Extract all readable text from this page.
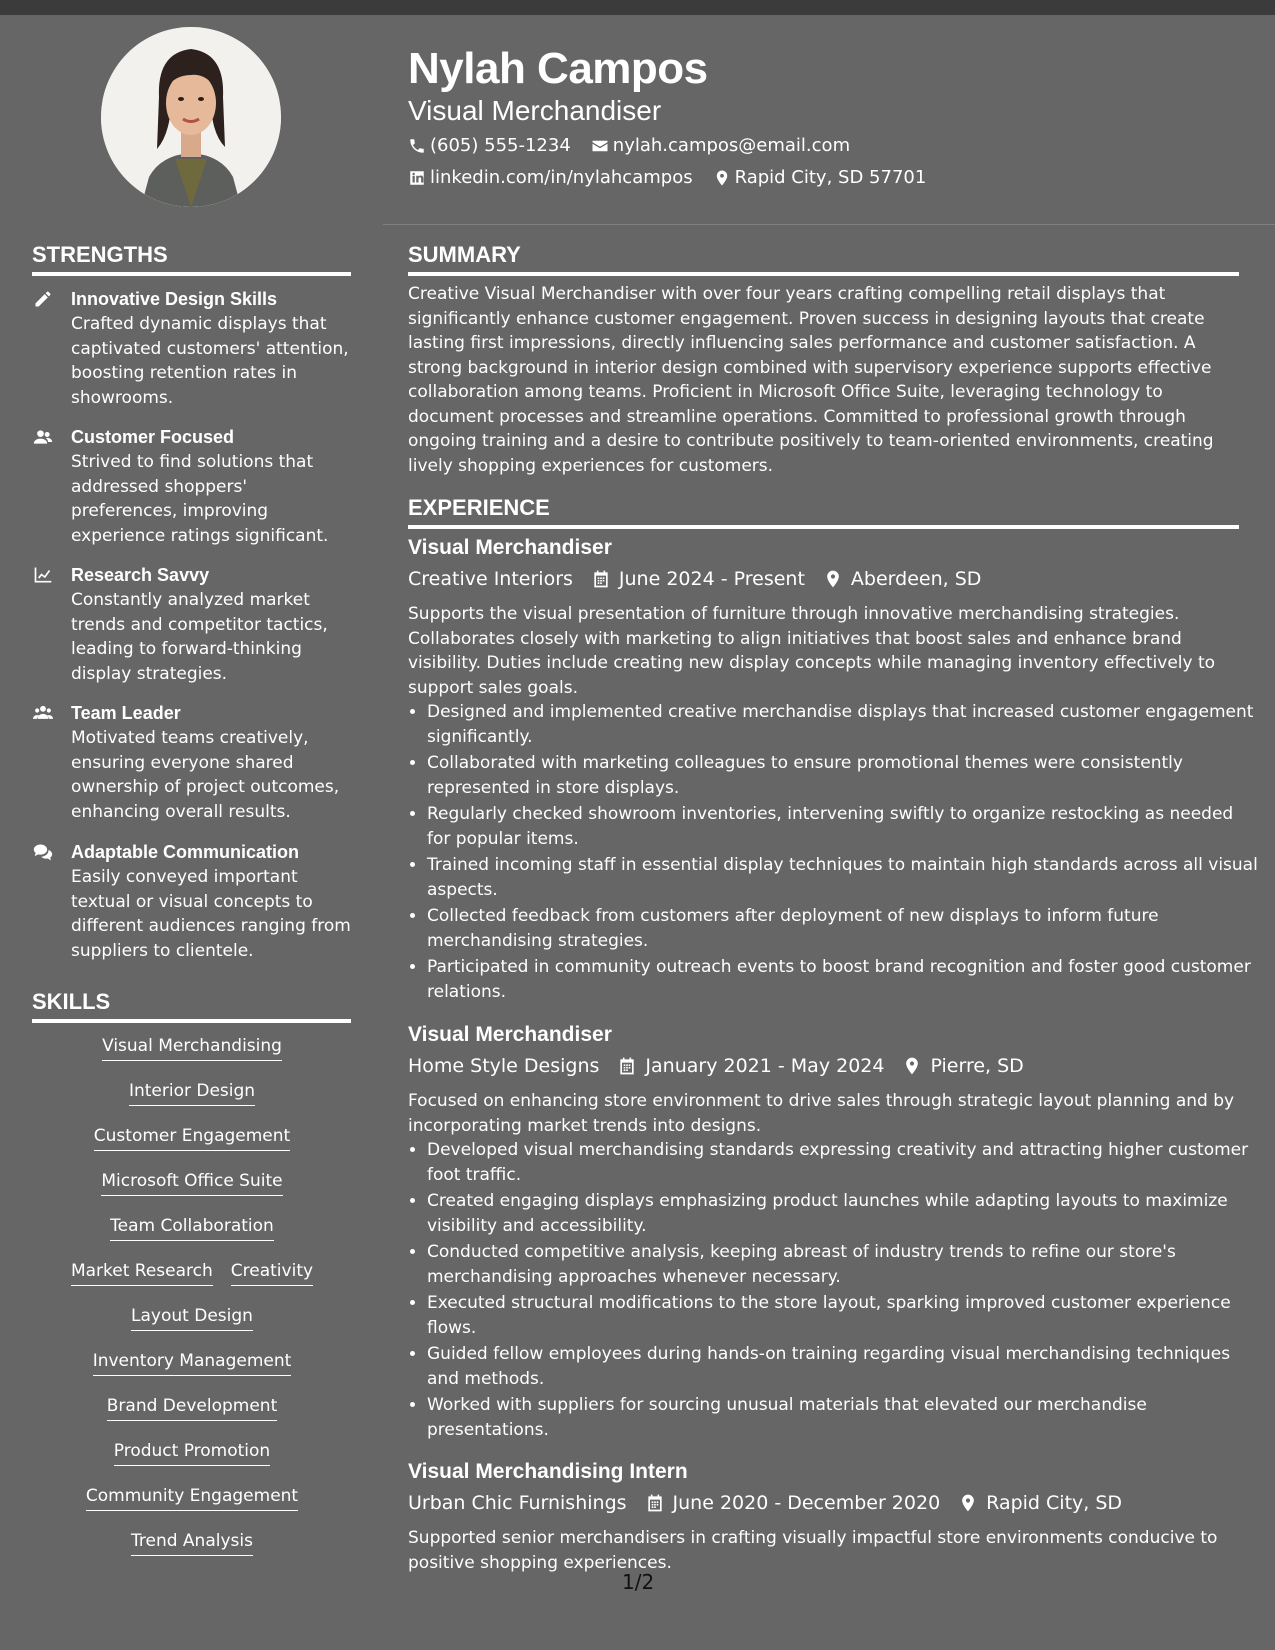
Nylah Campos
Visual Merchandiser
(605) 555-1234 nylah.campos@email.com
linkedin.com/in/nylahcampos Rapid City, SD 57701
STRENGTHS
Innovative Design Skills
Crafted dynamic displays that captivated customers' attention, boosting retention rates in showrooms.
Customer Focused
Strived to find solutions that addressed shoppers' preferences, improving experience ratings significant.
Research Savvy
Constantly analyzed market trends and competitor tactics, leading to forward-thinking display strategies.
Team Leader
Motivated teams creatively, ensuring everyone shared ownership of project outcomes, enhancing overall results.
Adaptable Communication
Easily conveyed important textual or visual concepts to different audiences ranging from suppliers to clientele.
SKILLS
Visual Merchandising
Interior Design
Customer Engagement
Microsoft Office Suite
Team Collaboration
Market Research Creativity
Layout Design
Inventory Management
Brand Development
Product Promotion
Community Engagement
Trend Analysis
SUMMARY

Creative Visual Merchandiser with over four years crafting compelling retail displays that significantly enhance customer engagement. Proven success in designing layouts that create lasting first impressions, directly influencing sales performance and customer satisfaction. A strong background in interior design combined with supervisory experience supports effective collaboration among teams. Proficient in Microsoft Office Suite, leveraging technology to document processes and streamline operations. Committed to professional growth through ongoing training and a desire to contribute positively to team-oriented environments, creating lively shopping experiences for customers.

EXPERIENCE
Visual Merchandiser
Creative Interiors June 2024 - Present Aberdeen, SD

Supports the visual presentation of furniture through innovative merchandising strategies. Collaborates closely with marketing to align initiatives that boost sales and enhance brand visibility. Duties include creating new display concepts while managing inventory effectively to support sales goals.

• Designed and implemented creative merchandise displays that increased customer engagement significantly.
• Collaborated with marketing colleagues to ensure promotional themes were consistently represented in store displays.
• Regularly checked showroom inventories, intervening swiftly to organize restocking as needed for popular items.
• Trained incoming staff in essential display techniques to maintain high standards across all visual aspects.
• Collected feedback from customers after deployment of new displays to inform future merchandising strategies.
• Participated in community outreach events to boost brand recognition and foster good customer relations.
Visual Merchandiser
Home Style Designs January 2021 - May 2024 Pierre, SD

Focused on enhancing store environment to drive sales through strategic layout planning and by incorporating market trends into designs.

• Developed visual merchandising standards expressing creativity and attracting higher customer foot traffic.
• Created engaging displays emphasizing product launches while adapting layouts to maximize visibility and accessibility.
• Conducted competitive analysis, keeping abreast of industry trends to refine our store's merchandising approaches whenever necessary.
• Executed structural modifications to the store layout, sparking improved customer experience flows.
• Guided fellow employees during hands-on training regarding visual merchandising techniques and methods.
• Worked with suppliers for sourcing unusual materials that elevated our merchandise presentations.
Visual Merchandising Intern
Urban Chic Furnishings June 2020 - December 2020 Rapid City, SD

Supported senior merchandisers in crafting visually impactful store environments conducive to positive shopping experiences.

1/2
